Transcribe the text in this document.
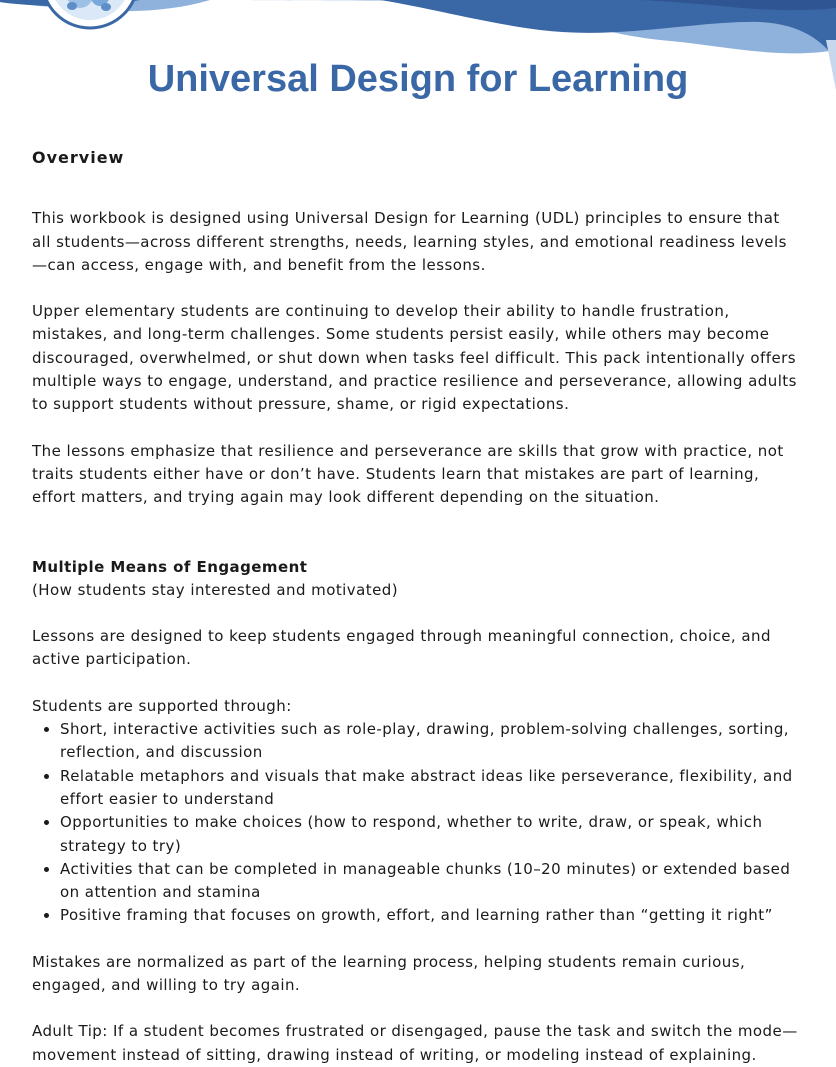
Universal Design for Learning

Overview

This workbook is designed using Universal Design for Learning (UDL) principles to ensure that all students—across different strengths, needs, learning styles, and emotional readiness levels—can access, engage with, and benefit from the lessons.

Upper elementary students are continuing to develop their ability to handle frustration, mistakes, and long-term challenges. Some students persist easily, while others may become discouraged, overwhelmed, or shut down when tasks feel difficult. This pack intentionally offers multiple ways to engage, understand, and practice resilience and perseverance, allowing adults to support students without pressure, shame, or rigid expectations.

The lessons emphasize that resilience and perseverance are skills that grow with practice, not traits students either have or don’t have. Students learn that mistakes are part of learning, effort matters, and trying again may look different depending on the situation.

Multiple Means of Engagement

(How students stay interested and motivated)

Lessons are designed to keep students engaged through meaningful connection, choice, and active participation.

Students are supported through:

• Short, interactive activities such as role-play, drawing, problem-solving challenges, sorting, reflection, and discussion
• Relatable metaphors and visuals that make abstract ideas like perseverance, flexibility, and effort easier to understand
• Opportunities to make choices (how to respond, whether to write, draw, or speak, which strategy to try)
• Activities that can be completed in manageable chunks (10–20 minutes) or extended based on attention and stamina
• Positive framing that focuses on growth, effort, and learning rather than “getting it right”

Mistakes are normalized as part of the learning process, helping students remain curious, engaged, and willing to try again.

Adult Tip: If a student becomes frustrated or disengaged, pause the task and switch the mode—movement instead of sitting, drawing instead of writing, or modeling instead of explaining.
